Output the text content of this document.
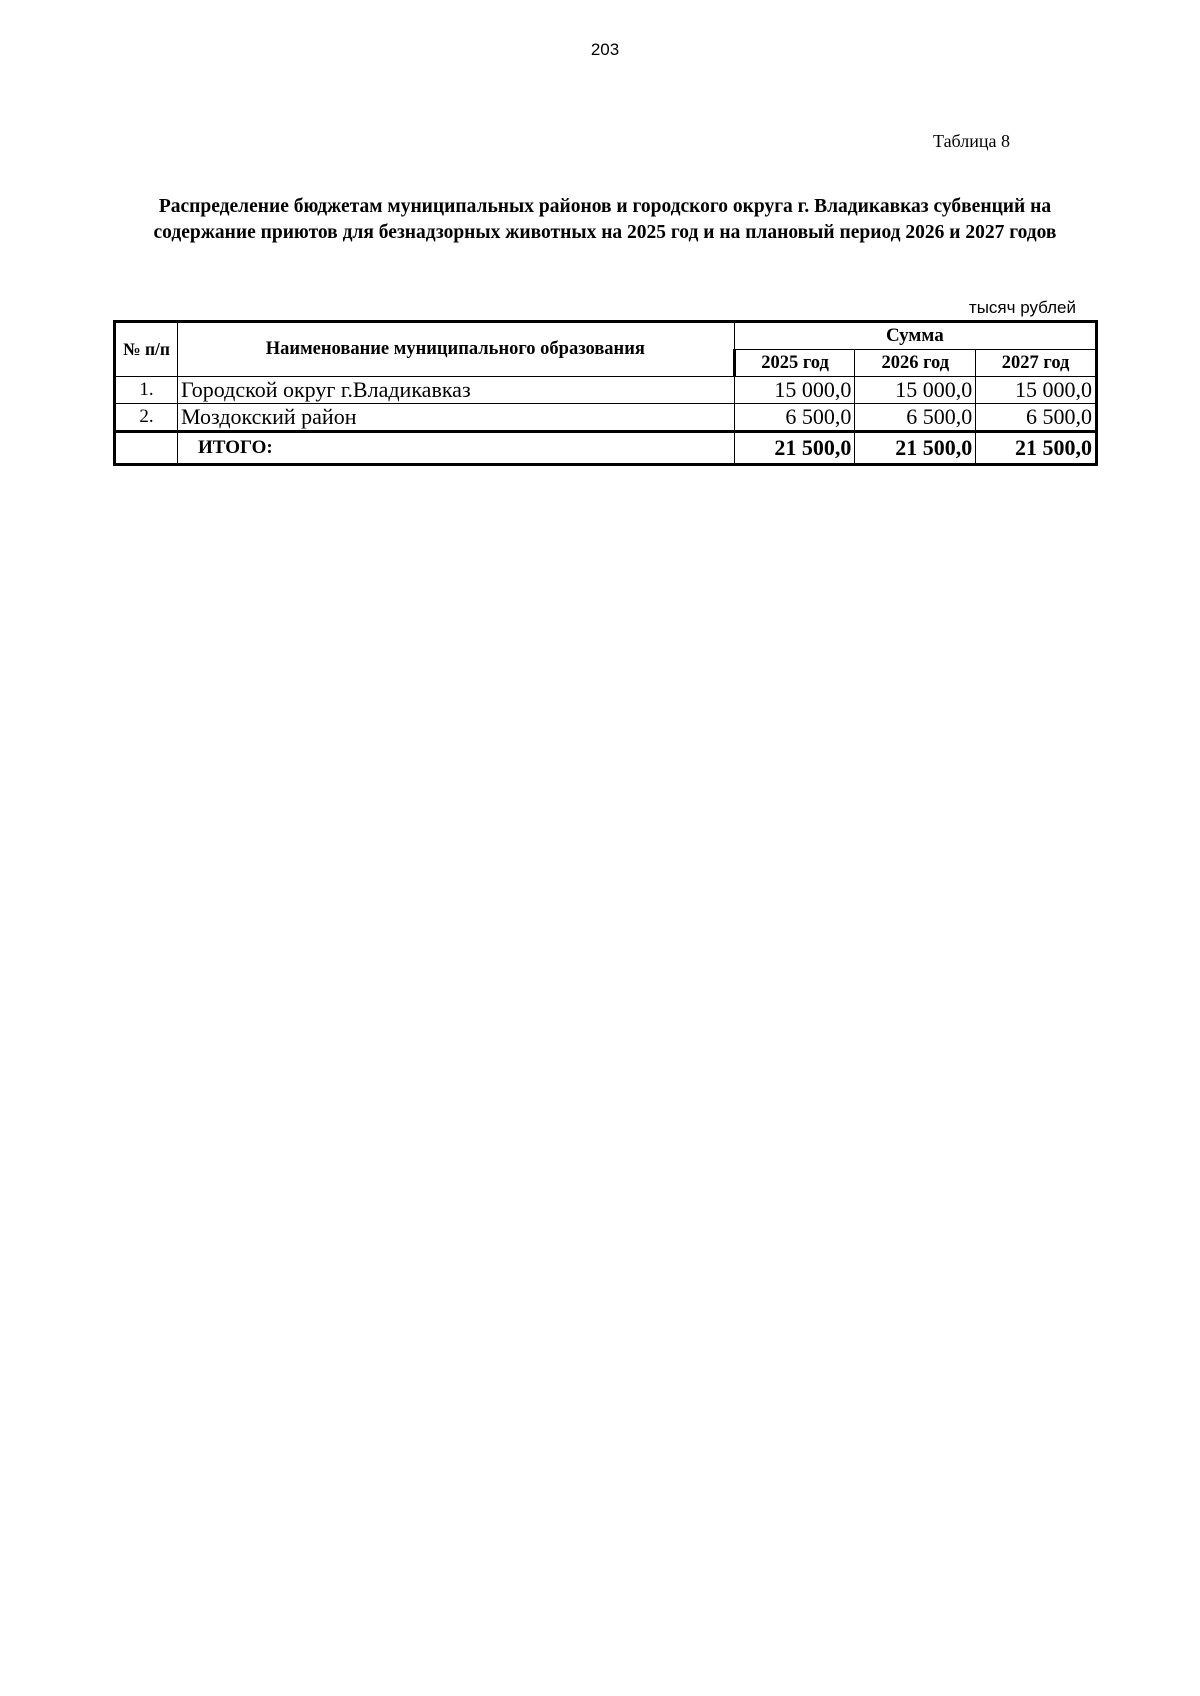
203
Таблица 8
Распределение бюджетам муниципальных районов и городского округа г. Владикавказ субвенций на содержание приютов для безнадзорных животных на 2025 год и на плановый период 2026 и 2027 годов
тысяч рублей
№ п/п	Наименование муниципального образования	Сумма		
		2025 год	2026 год	2027 год
1.	Городской округ г.Владикавказ	15 000,0	15 000,0	15 000,0
2.	Моздокский район	6 500,0	6 500,0	6 500,0
	ИТОГО:	21 500,0	21 500,0	21 500,0
